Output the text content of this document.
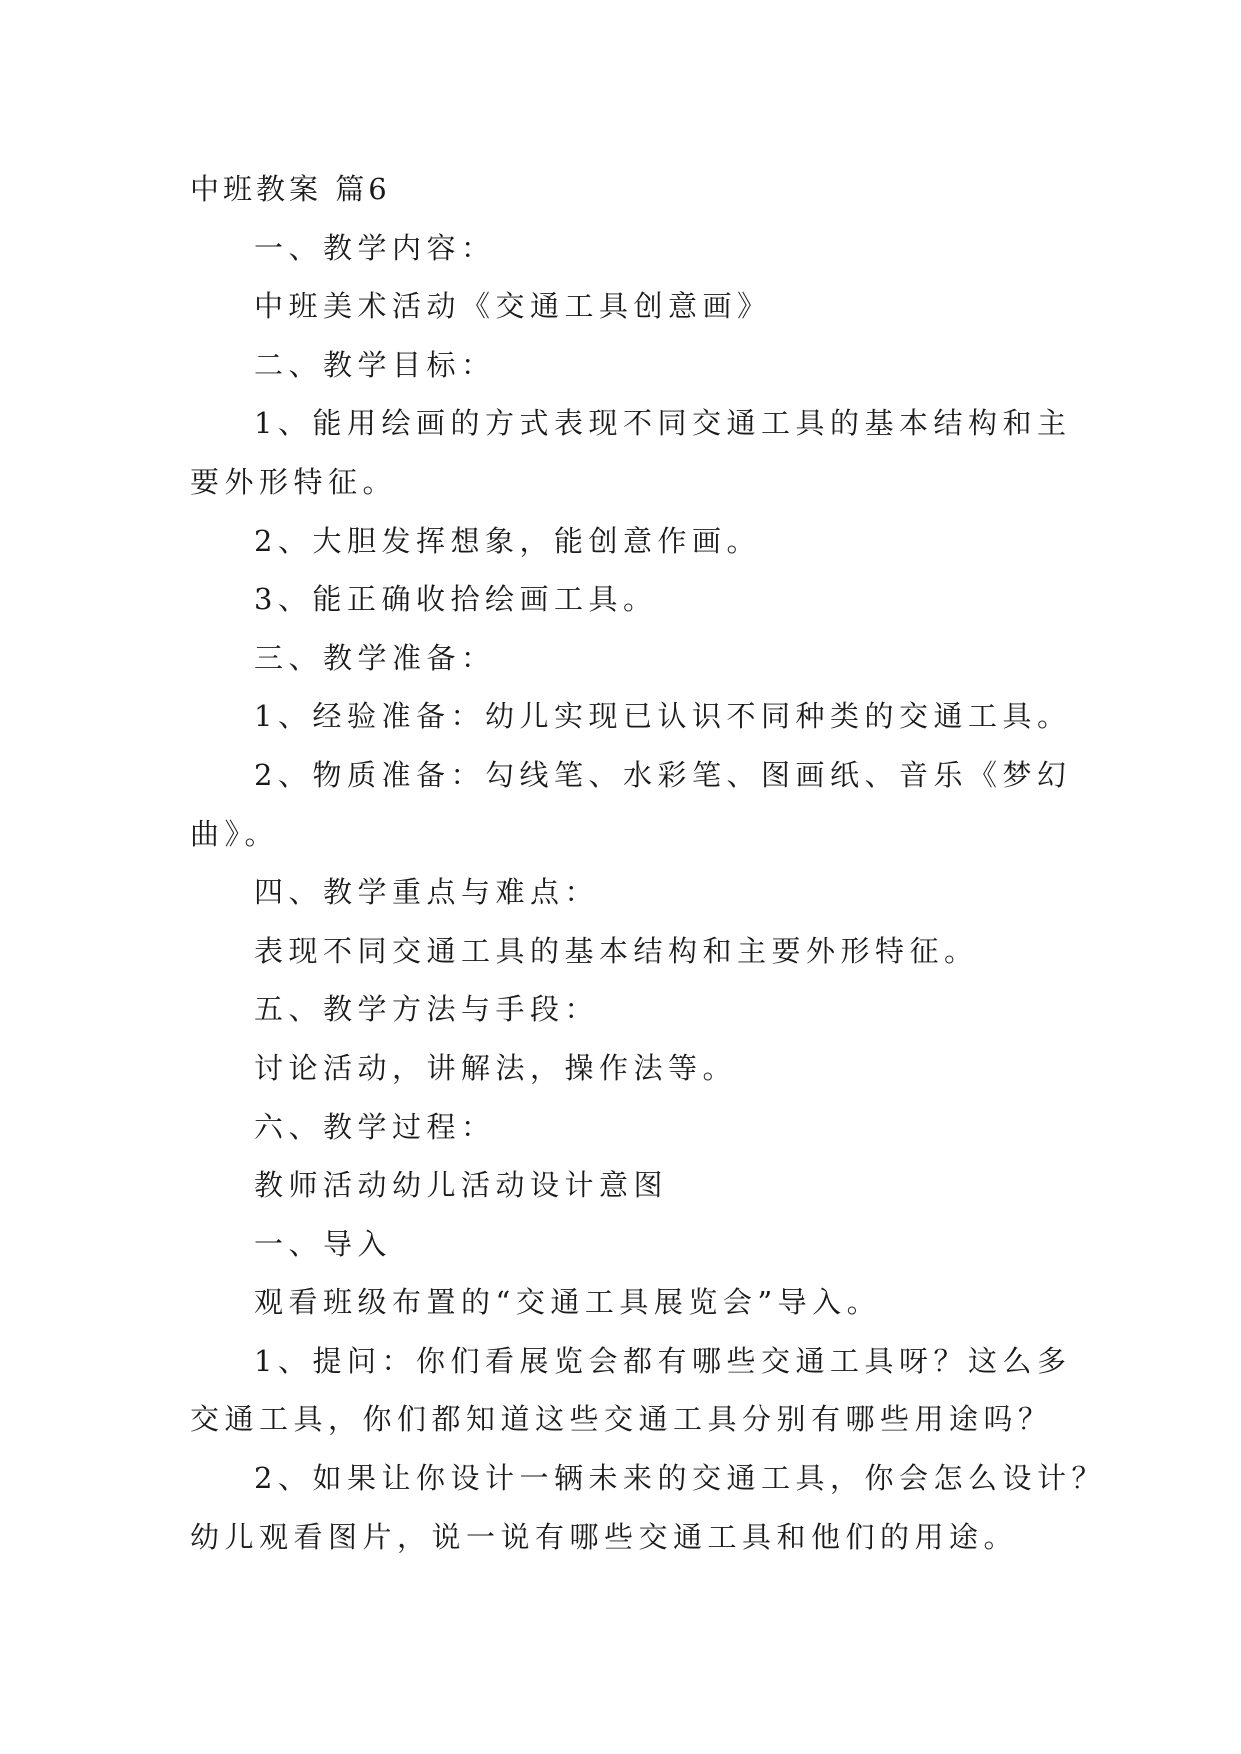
中班教案 篇6

一、教学内容：

中班美术活动《交通工具创意画》

二、教学目标：

1、能用绘画的方式表现不同交通工具的基本结构和主

要外形特征。

2、大胆发挥想象，能创意作画。

3、能正确收拾绘画工具。

三、教学准备：

1、经验准备：幼儿实现已认识不同种类的交通工具。

2、物质准备：勾线笔、水彩笔、图画纸、音乐《梦幻

曲》。

四、教学重点与难点：

表现不同交通工具的基本结构和主要外形特征。

五、教学方法与手段：

讨论活动，讲解法，操作法等。

六、教学过程：

教师活动幼儿活动设计意图

一、导入

观看班级布置的“交通工具展览会”导入。

1、提问：你们看展览会都有哪些交通工具呀？这么多

交通工具，你们都知道这些交通工具分别有哪些用途吗？

2、如果让你设计一辆未来的交通工具，你会怎么设计？

幼儿观看图片，说一说有哪些交通工具和他们的用途。
